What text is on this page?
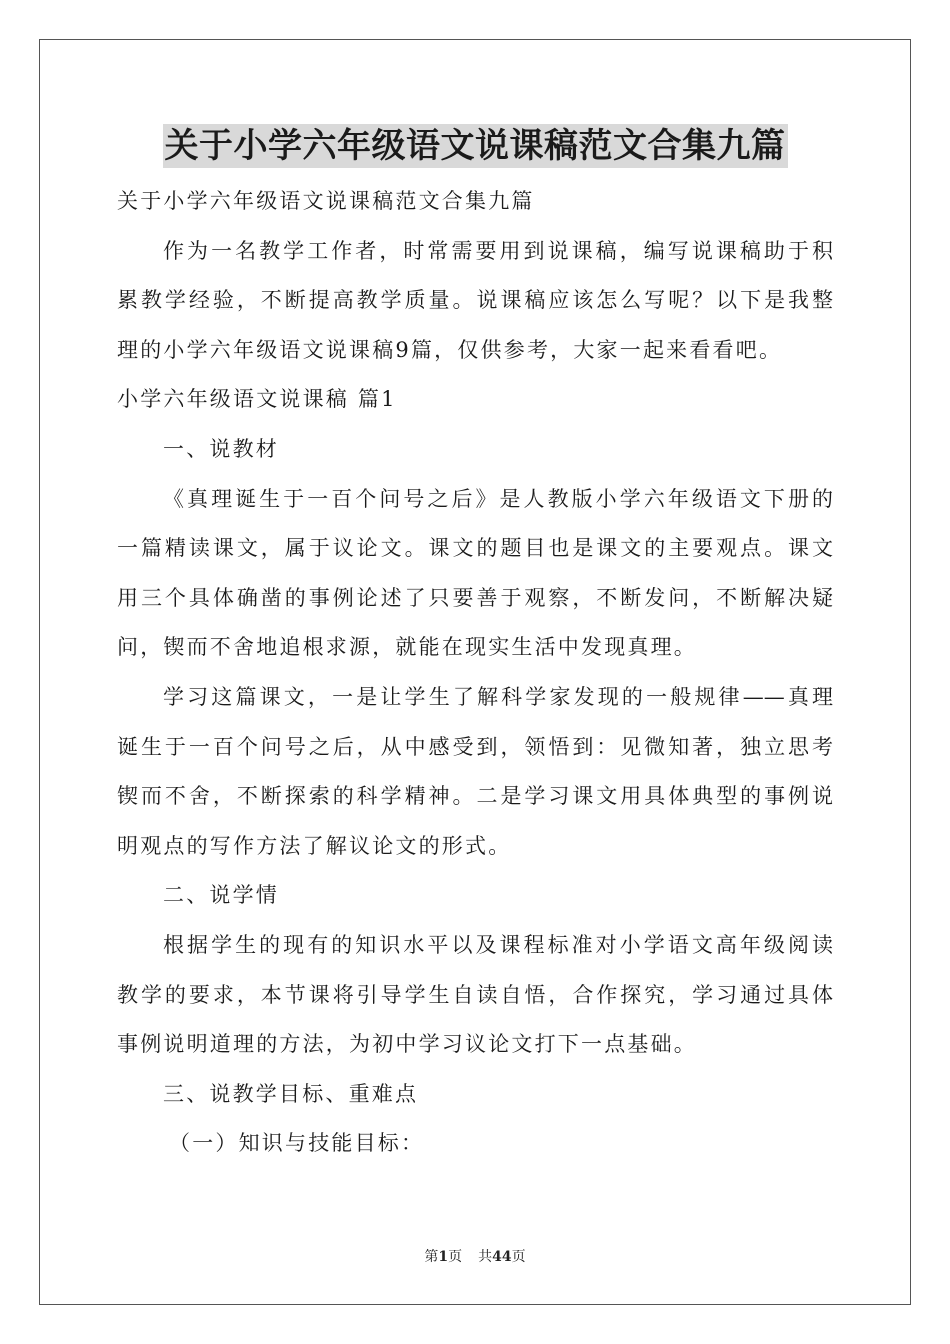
关于小学六年级语文说课稿范文合集九篇
关于小学六年级语文说课稿范文合集九篇
作为一名教学工作者，时常需要用到说课稿，编写说课稿助于积
累教学经验，不断提高教学质量。说课稿应该怎么写呢？以下是我整
理的小学六年级语文说课稿9篇，仅供参考，大家一起来看看吧。
小学六年级语文说课稿 篇1
一、说教材
《真理诞生于一百个问号之后》是人教版小学六年级语文下册的
一篇精读课文，属于议论文。课文的题目也是课文的主要观点。课文
用三个具体确凿的事例论述了只要善于观察，不断发问，不断解决疑
问，锲而不舍地追根求源，就能在现实生活中发现真理。
学习这篇课文，一是让学生了解科学家发现的一般规律——真理
诞生于一百个问号之后，从中感受到，领悟到：见微知著，独立思考
锲而不舍，不断探索的科学精神。二是学习课文用具体典型的事例说
明观点的写作方法了解议论文的形式。
二、说学情
根据学生的现有的知识水平以及课程标准对小学语文高年级阅读
教学的要求，本节课将引导学生自读自悟，合作探究，学习通过具体
事例说明道理的方法，为初中学习议论文打下一点基础。
三、说教学目标、重难点
（一）知识与技能目标：
第1页 共44页
